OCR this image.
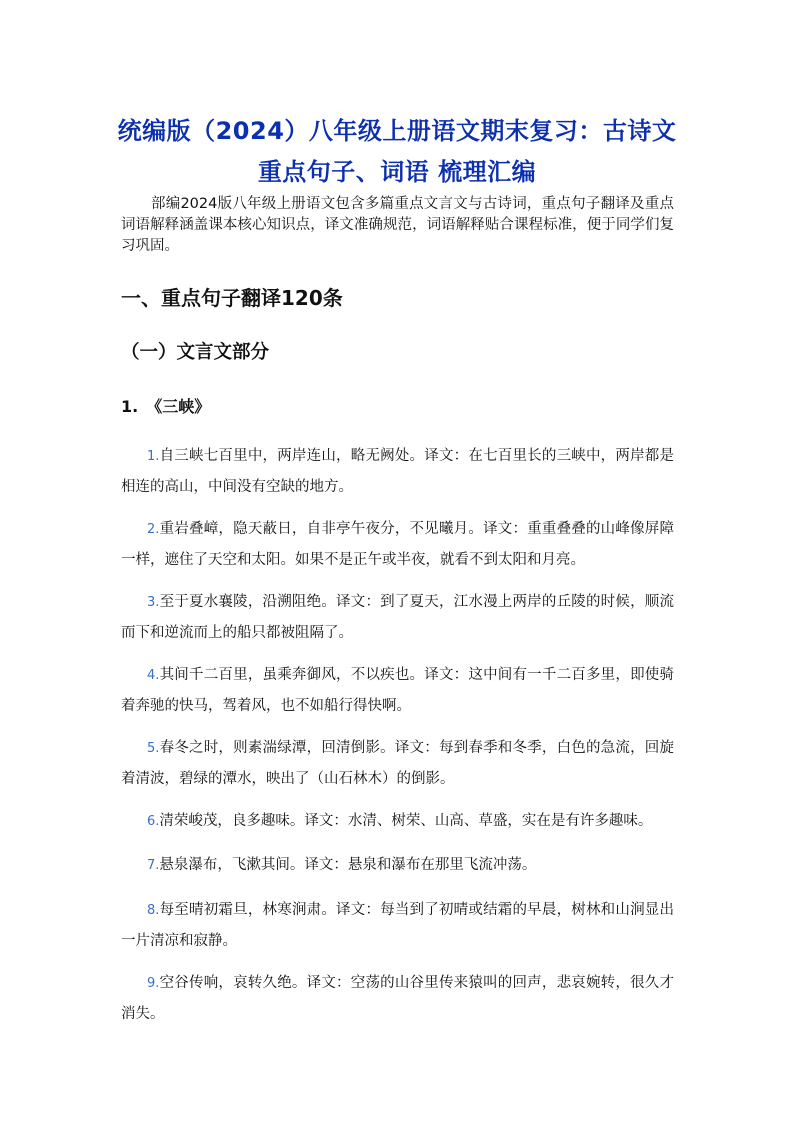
统编版（2024）八年级上册语文期末复习：古诗文
重点句子、词语 梳理汇编
部编2024版八年级上册语文包含多篇重点文言文与古诗词，重点句子翻译及重点词语解释涵盖课本核心知识点，译文准确规范，词语解释贴合课程标准，便于同学们复习巩固。
一、重点句子翻译120条
（一）文言文部分
1.　《三峡》
1.自三峡七百里中，两岸连山，略无阙处。译文：在七百里长的三峡中，两岸都是相连的高山，中间没有空缺的地方。
2.重岩叠嶂，隐天蔽日，自非亭午夜分，不见曦月。译文：重重叠叠的山峰像屏障一样，遮住了天空和太阳。如果不是正午或半夜，就看不到太阳和月亮。
3.至于夏水襄陵，沿溯阻绝。译文：到了夏天，江水漫上两岸的丘陵的时候，顺流而下和逆流而上的船只都被阻隔了。
4.其间千二百里，虽乘奔御风，不以疾也。译文：这中间有一千二百多里，即使骑着奔驰的快马，驾着风，也不如船行得快啊。
5.春冬之时，则素湍绿潭，回清倒影。译文：每到春季和冬季，白色的急流，回旋着清波，碧绿的潭水，映出了（山石林木）的倒影。
6.清荣峻茂，良多趣味。译文：水清、树荣、山高、草盛，实在是有许多趣味。
7.悬泉瀑布，飞漱其间。译文：悬泉和瀑布在那里飞流冲荡。
8.每至晴初霜旦，林寒涧肃。译文：每当到了初晴或结霜的早晨，树林和山涧显出一片清凉和寂静。
9.空谷传响，哀转久绝。译文：空荡的山谷里传来猿叫的回声，悲哀婉转，很久才消失。
